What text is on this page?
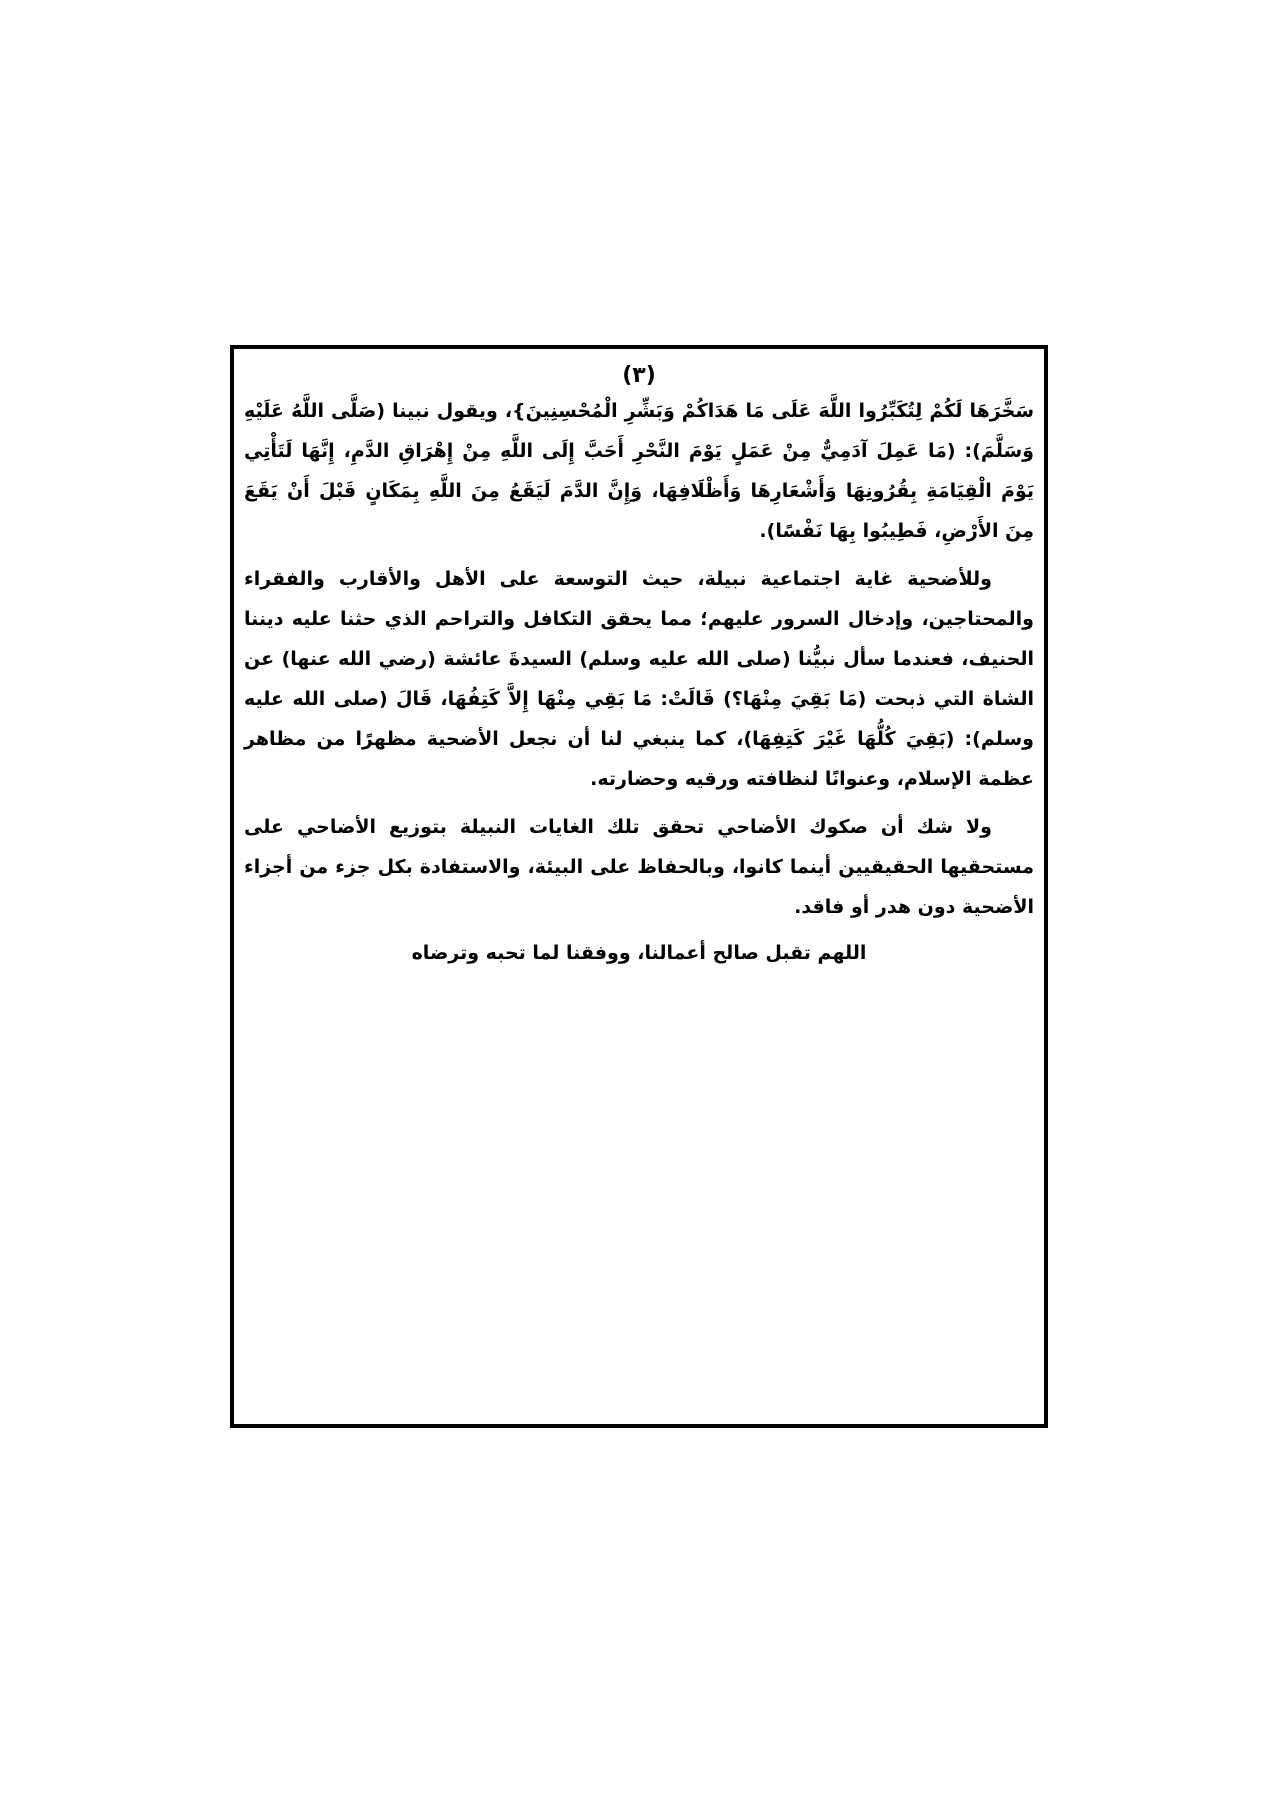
(٣)

سَخَّرَهَا لَكُمْ لِتُكَبِّرُوا اللَّهَ عَلَى مَا هَدَاكُمْ وَبَشِّرِ الْمُحْسِنِينَ}، ويقول نبينا (صَلَّى اللَّهُ عَلَيْهِ وَسَلَّمَ): (مَا عَمِلَ آدَمِيٌّ مِنْ عَمَلٍ يَوْمَ النَّحْرِ أَحَبَّ إِلَى اللَّهِ مِنْ إِهْرَاقِ الدَّمِ، إِنَّهَا لَتَأْتِي يَوْمَ الْقِيَامَةِ بِقُرُونِهَا وَأَشْعَارِهَا وَأَظْلَافِهَا، وَإِنَّ الدَّمَ لَيَقَعُ مِنَ اللَّهِ بِمَكَانٍ قَبْلَ أَنْ يَقَعَ مِنَ الأَرْضِ، فَطِيبُوا بِهَا نَفْسًا).

وللأضحية غاية اجتماعية نبيلة، حيث التوسعة على الأهل والأقارب والفقراء والمحتاجين، وإدخال السرور عليهم؛ مما يحقق التكافل والتراحم الذي حثنا عليه ديننا الحنيف، فعندما سأل نبيُّنا (صلى الله عليه وسلم) السيدةَ عائشة (رضي الله عنها) عن الشاة التي ذبحت (مَا بَقِيَ مِنْهَا؟) قَالَتْ: مَا بَقِي مِنْهَا إِلاَّ كَتِفُهَا، قَالَ (صلى الله عليه وسلم): (بَقِيَ كُلُّهَا غَيْرَ كَتِفِهَا)، كما ينبغي لنا أن نجعل الأضحية مظهرًا من مظاهر عظمة الإسلام، وعنوانًا لنظافته ورقيه وحضارته.

ولا شك أن صكوك الأضاحي تحقق تلك الغايات النبيلة بتوزيع الأضاحي على مستحقيها الحقيقيين أينما كانوا، وبالحفاظ على البيئة، والاستفادة بكل جزء من أجزاء الأضحية دون هدر أو فاقد.

اللهم تقبل صالح أعمالنا، ووفقنا لما تحبه وترضاه
